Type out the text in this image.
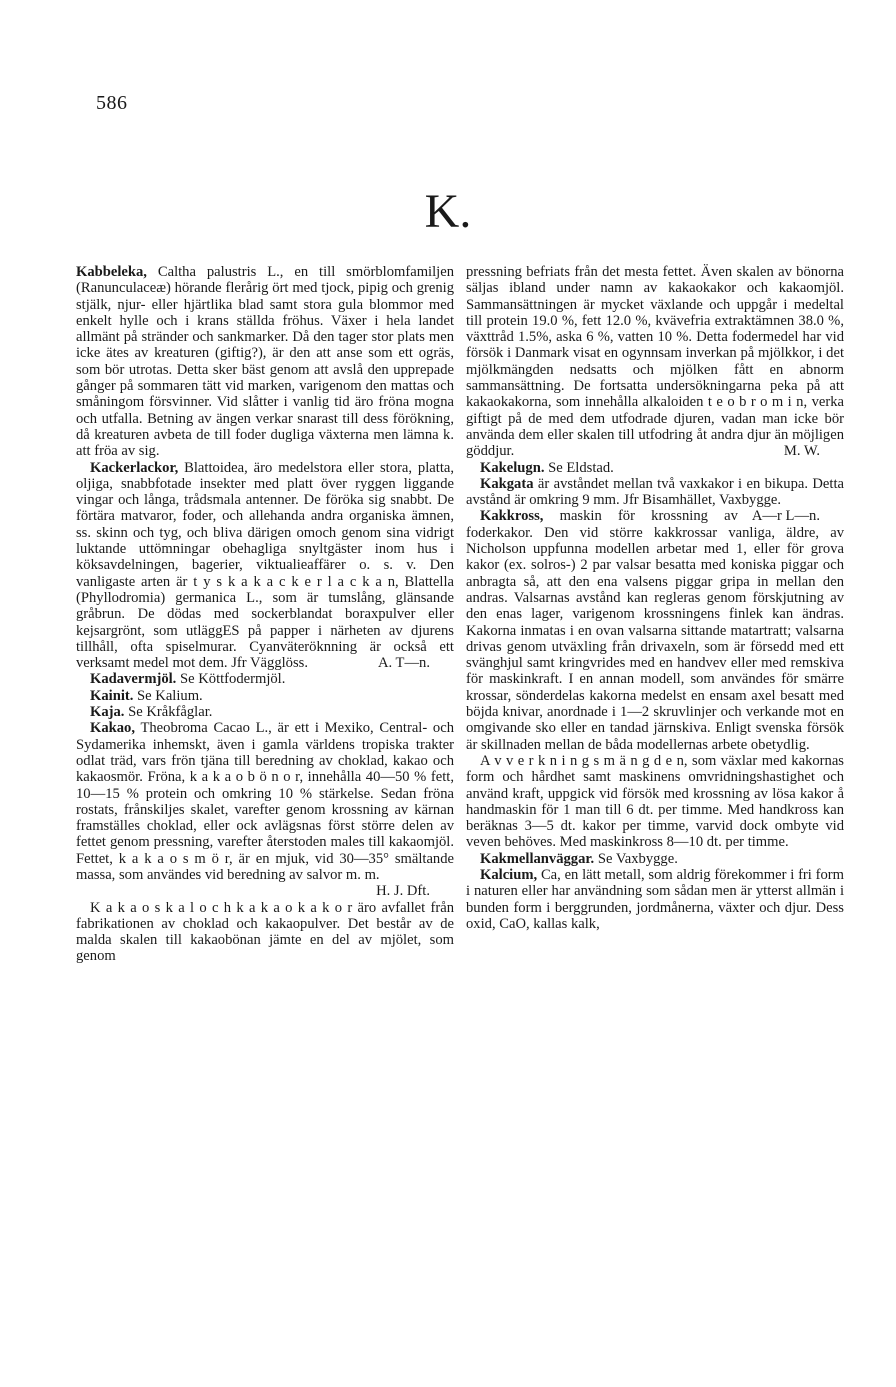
586
K.

Kabbeleka, Caltha palustris L., en till smörblomfamiljen (Ranunculaceæ) hörande flerårig ört med tjock, pipig och grenig stjälk, njur- eller hjärtlika blad samt stora gula blommor med enkelt hylle och i krans ställda fröhus. Växer i hela landet allmänt på stränder och sankmarker. Då den tager stor plats men icke ätes av kreaturen (giftig?), är den att anse som ett ogräs, som bör utrotas. Detta sker bäst genom att avslå den upprepade gånger på sommaren tätt vid marken, varigenom den mattas och småningom försvinner. Vid slåtter i vanlig tid äro fröna mogna och utfalla. Betning av ängen verkar snarast till dess förökning, då kreaturen avbeta de till foder dugliga växterna men lämna k. att fröa av sig.

Kackerlackor, Blattoidea, äro medelstora eller stora, platta, oljiga, snabbfotade insekter med platt över ryggen liggande vingar och långa, trådsmala antenner. De föröka sig snabbt. De förtära matvaror, foder, och allehanda andra organiska ämnen, ss. skinn och tyg, och bliva därigen omoch genom sina vidrigt luktande uttömningar obehagliga snyltgäster inom hus i köksavdelningen, bagerier, viktualieaffärer o. s. v. Den vanligaste arten är t y s k a k a c k e r l a c k a n, Blattella (Phyllodromia) germanica L., som är tumslång, glänsande gråbrun. De dödas med sockerblandat boraxpulver eller kejsargrönt, som utläggES på papper i närheten av djurens tillhåll, ofta spiselmurar. Cyanväteröknning är också ett verksamt medel mot dem. Jfr Vägglöss.	A. T—n.

Kadavermjöl. Se Köttfodermjöl.

Kainit. Se Kalium.

Kaja. Se Kråkfåglar.

Kakao, Theobroma Cacao L., är ett i Mexiko, Central- och Sydamerika inhemskt, även i gamla världens tropiska trakter odlat träd, vars frön tjäna till beredning av choklad, kakao och kakaosmör. Fröna, k a k a o b ö n o r, innehålla 40—50 % fett, 10—15 % protein och omkring 10 % stärkelse. Sedan fröna rostats, frånskiljes skalet, varefter genom krossning av kärnan framställes choklad, eller ock avlägsnas först större delen av fettet genom pressning, varefter återstoden males till kakaomjöl. Fettet, k a k a o s m ö r, är en mjuk, vid 30—35° smältande massa, som användes vid beredning av salvor m. m.
H. J. Dft.

K a k a o s k a l o c h k a k a o k a k o r äro avfallet från fabrikationen av choklad och kakaopulver. Det består av de malda skalen till kakaobönan jämte en del av mjölet, som genom

pressning befriats från det mesta fettet. Även skalen av bönorna säljas ibland under namn av kakaokakor och kakaomjöl. Sammansättningen är mycket växlande och uppgår i medeltal till protein 19.0 %, fett 12.0 %, kvävefria extraktämnen 38.0 %, växttråd 1.5%, aska 6 %, vatten 10 %. Detta fodermedel har vid försök i Danmark visat en ogynnsam inverkan på mjölkkor, i det mjölkmängden nedsatts och mjölken fått en abnorm sammansättning. De fortsatta undersökningarna peka på att kakaokakorna, som innehålla alkaloiden t e o b r o m i n, verka giftigt på de med dem utfodrade djuren, vadan man icke bör använda dem eller skalen till utfodring åt andra djur än möjligen göddjur.	M. W.

Kakelugn. Se Eldstad.

Kakgata är avståndet mellan två vaxkakor i en bikupa. Detta avstånd är omkring 9 mm. Jfr Bisamhället, Vaxbygge.
A—r L—n.

Kakkross, maskin för krossning av foderkakor. Den vid större kakkrossar vanliga, äldre, av Nicholson uppfunna modellen arbetar med 1, eller för grova kakor (ex. solros-) 2 par valsar besatta med koniska piggar och anbragta så, att den ena valsens piggar gripa in mellan den andras. Valsarnas avstånd kan regleras genom förskjutning av den enas lager, varigenom krossningens finlek kan ändras. Kakorna inmatas i en ovan valsarna sittande matartratt; valsarna drivas genom utväxling från drivaxeln, som är försedd med ett svänghjul samt kringvrides med en handvev eller med remskiva för maskinkraft. I en annan modell, som användes för smärre krossar, sönderdelas kakorna medelst en ensam axel besatt med böjda knivar, anordnade i 1—2 skruvlinjer och verkande mot en omgivande sko eller en tandad järnskiva. Enligt svenska försök är skillnaden mellan de båda modellernas arbete obetydlig.

A v v e r k n i n g s m ä n g d e n, som växlar med kakornas form och hårdhet samt maskinens omvridningshastighet och använd kraft, uppgick vid försök med krossning av lösa kakor å handmaskin för 1 man till 6 dt. per timme. Med handkross kan beräknas 3—5 dt. kakor per timme, varvid dock ombyte vid veven behöves. Med maskinkross 8—10 dt. per timme.

Kakmellanväggar. Se Vaxbygge.

Kalcium, Ca, en lätt metall, som aldrig förekommer i fri form i naturen eller har användning som sådan men är ytterst allmän i bunden form i berggrunden, jordmånerna, växter och djur. Dess oxid, CaO, kallas kalk,
